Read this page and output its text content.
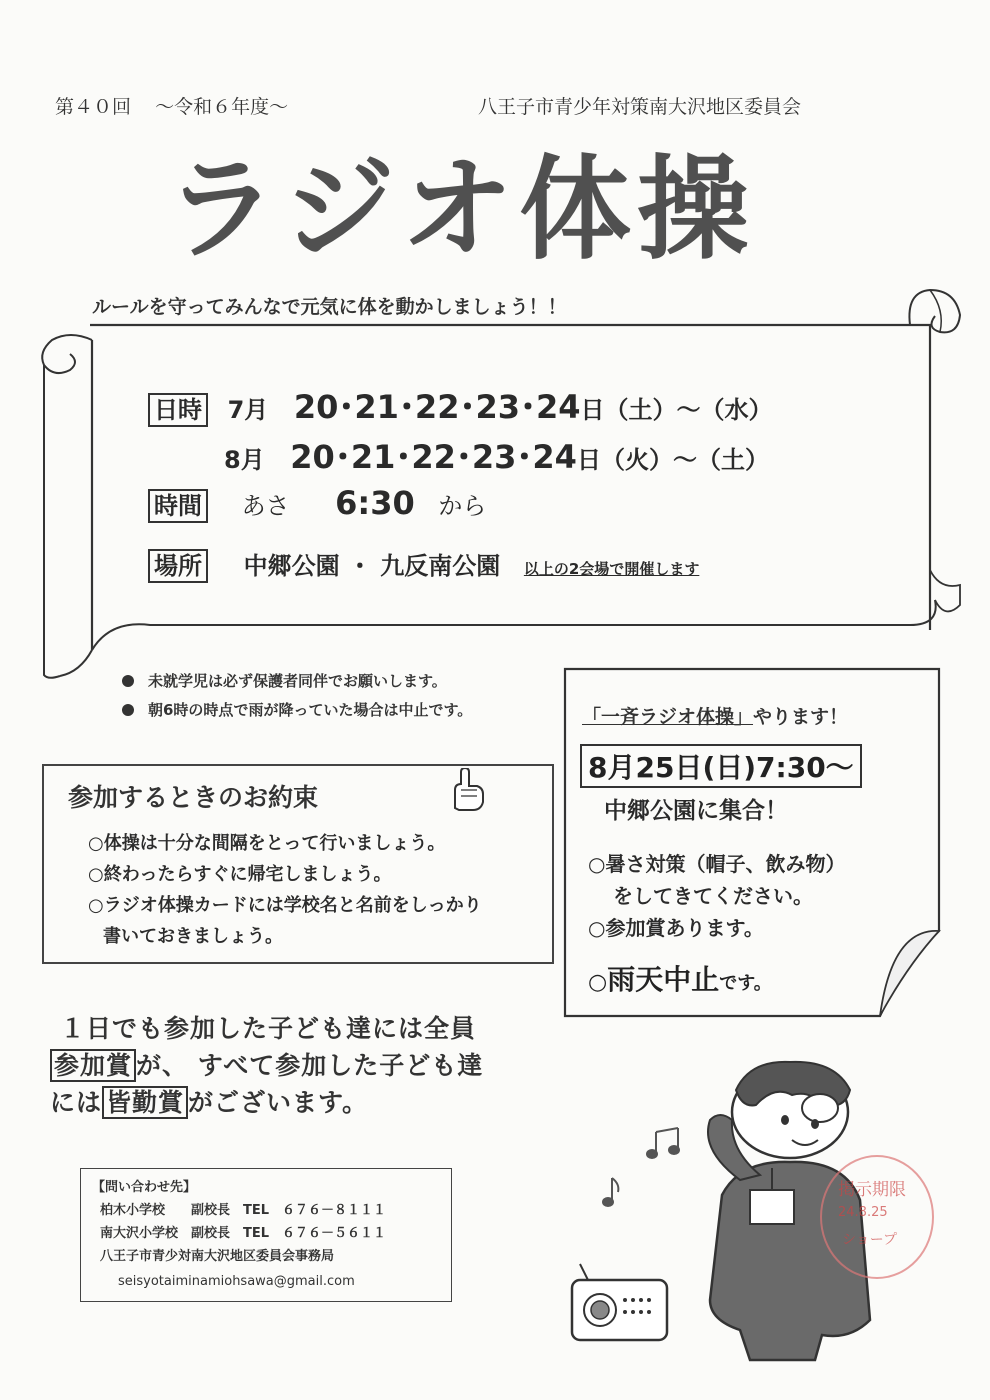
第４０回 ～令和６年度～	八王子市青少年対策南大沢地区委員会
ラジオ体操
ルールを守ってみんなで元気に体を動かしましょう！！
日時 7月 20･21･22･23･24日（土）～（水）
8月 20･21･22･23･24日（火）～（土）
時間 あさ 6:30 から
場所 中郷公園 ・ 九反南公園 以上の2会場で開催します
未就学児は必ず保護者同伴でお願いします。
朝6時の時点で雨が降っていた場合は中止です。
参加するときのお約束
○体操は十分な間隔をとって行いましょう。
○終わったらすぐに帰宅しましょう。
○ラジオ体操カードには学校名と名前をしっかり
書いておきましょう。
「一斉ラジオ体操」やります！
8月25日(日)7:30～
中郷公園に集合！
○暑さ対策（帽子、飲み物）
をしてきてください。
○参加賞あります。
○雨天中止です。
１日でも参加した子ども達には全員
参加賞 が、 すべて参加した子ども達
には 皆勤賞 がございます。
【問い合わせ先】
柏木小学校　　副校長　TEL　６７６－８１１１
南大沢小学校　副校長　TEL　６７６－５６１１
八王子市青少対南大沢地区委員会事務局
seisyotaiminamiohsawa@gmail.com
掲示期限
24.8.25
ショープ
